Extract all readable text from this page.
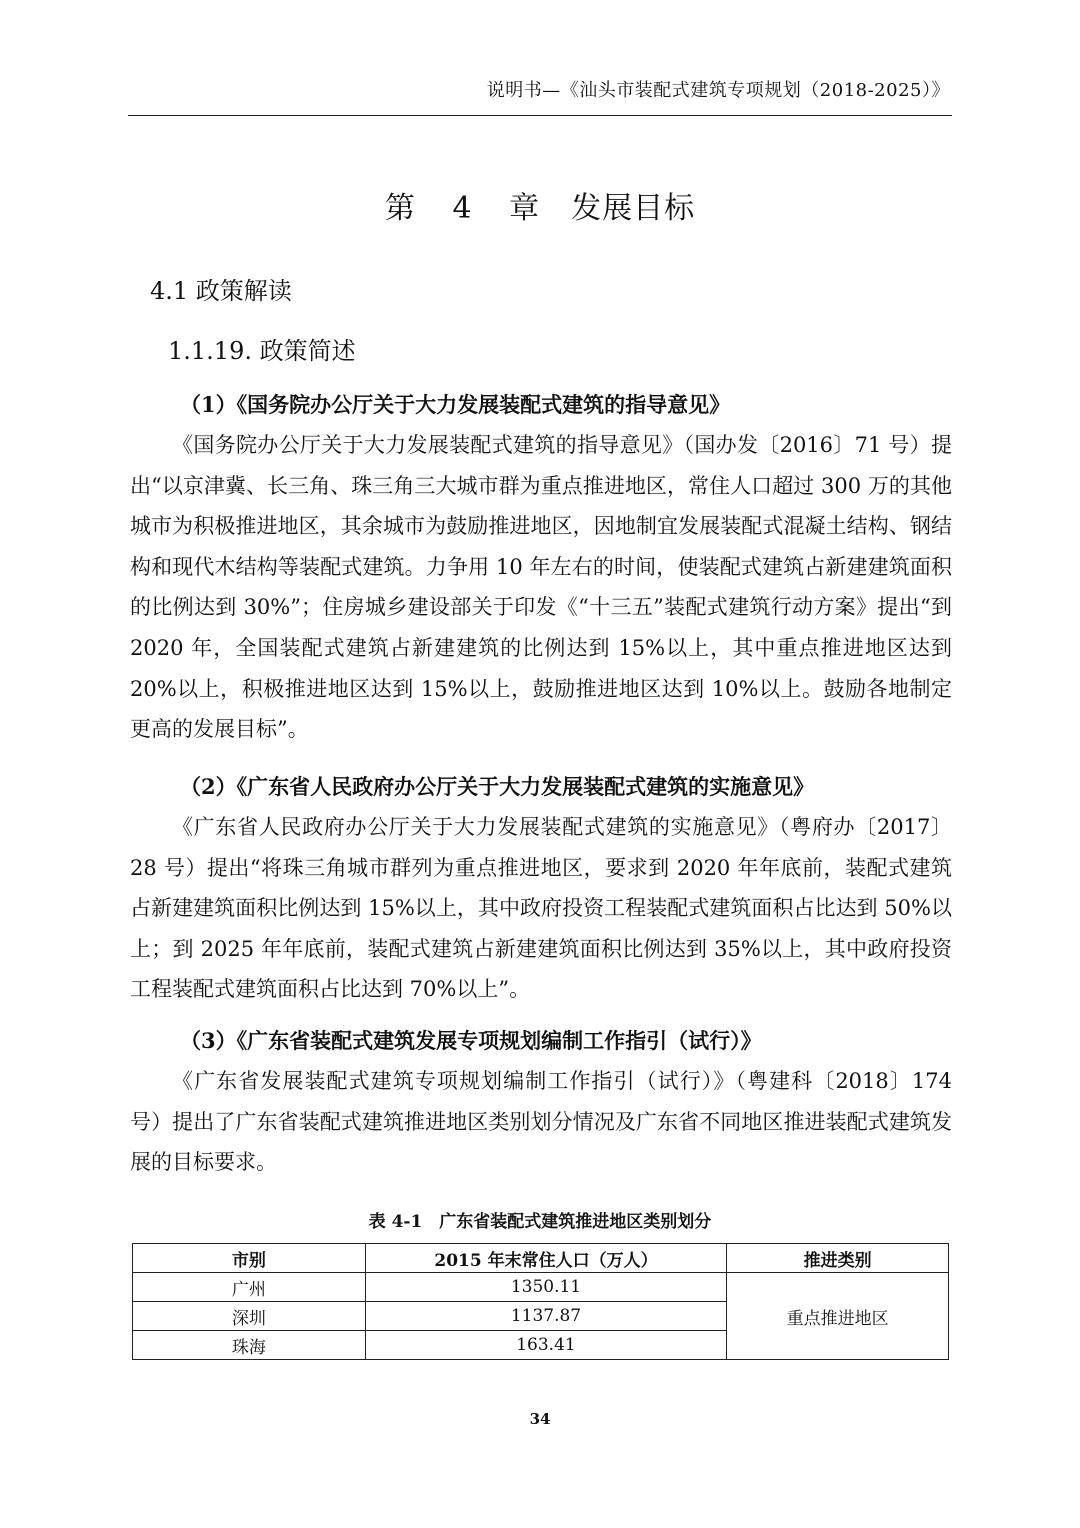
说明书—《汕头市装配式建筑专项规划（2018-2025）》
第 4 章　发展目标
4.1 政策解读
1.1.19. 政策简述
（1）《国务院办公厅关于大力发展装配式建筑的指导意见》

《国务院办公厅关于大力发展装配式建筑的指导意见》（国办发〔2016〕71 号）提出“以京津冀、长三角、珠三角三大城市群为重点推进地区，常住人口超过 300 万的其他城市为积极推进地区，其余城市为鼓励推进地区，因地制宜发展装配式混凝土结构、钢结构和现代木结构等装配式建筑。力争用 10 年左右的时间，使装配式建筑占新建建筑面积的比例达到 30%”；住房城乡建设部关于印发《“十三五”装配式建筑行动方案》提出“到 2020 年，全国装配式建筑占新建建筑的比例达到 15%以上，其中重点推进地区达到 20%以上，积极推进地区达到 15%以上，鼓励推进地区达到 10%以上。鼓励各地制定更高的发展目标”。

（2）《广东省人民政府办公厅关于大力发展装配式建筑的实施意见》

《广东省人民政府办公厅关于大力发展装配式建筑的实施意见》（粤府办〔2017〕28 号）提出“将珠三角城市群列为重点推进地区，要求到 2020 年年底前，装配式建筑占新建建筑面积比例达到 15%以上，其中政府投资工程装配式建筑面积占比达到 50%以上；到 2025 年年底前，装配式建筑占新建建筑面积比例达到 35%以上，其中政府投资工程装配式建筑面积占比达到 70%以上”。

（3）《广东省装配式建筑发展专项规划编制工作指引（试行）》

《广东省发展装配式建筑专项规划编制工作指引（试行）》（粤建科〔2018〕174 号）提出了广东省装配式建筑推进地区类别划分情况及广东省不同地区推进装配式建筑发展的目标要求。

表 4-1　广东省装配式建筑推进地区类别划分
市别	2015 年末常住人口（万人）	推进类别
广州	1350.11	重点推进地区
深圳	1137.87	
珠海	163.41	
34
